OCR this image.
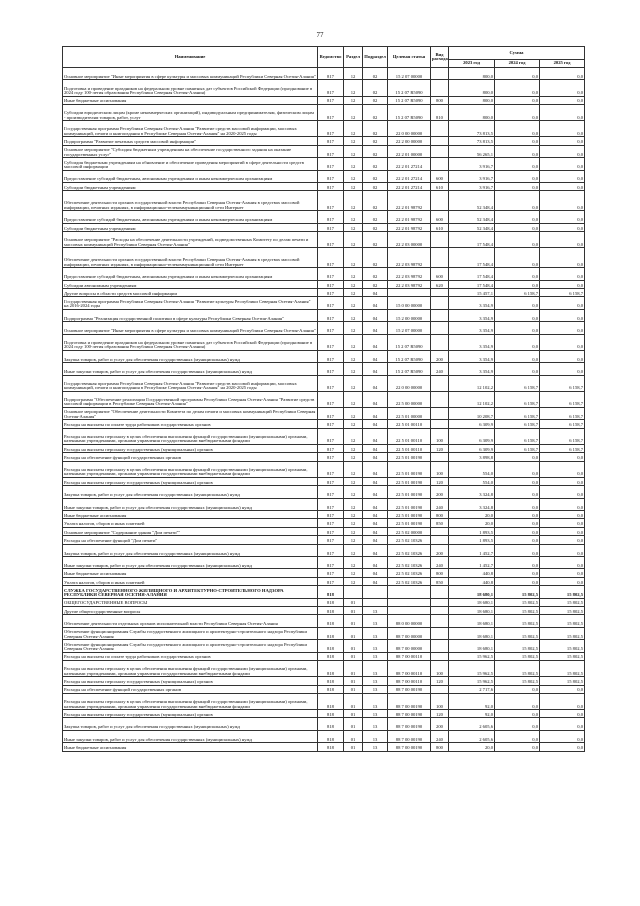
77
Наименование	Ведомство	Раздел	Подраздел	Целевая статья	Вид расхода	Сумма		
						2023 год	2024 год	2025 год
Основное мероприятие "Иные мероприятия в сфере культуры и массовых коммуникаций Республики Северная Осетия-Алания"	817	12	02	15 2 07 00000		800,0	0,0	0,0
Подготовка и проведение праздников на федеральном уровне памятных дат субъектов Российской Федерации (празднование в 2024 году 100-летия образования Республики Северная Осетия-Алания)	817	12	02	15 2 07 R5090		800,0	0,0	0,0
Иные бюджетные ассигнования	817	12	02	15 2 07 R5090	800	800,0	0,0	0,0
Субсидии юридическим лицам (кроме некоммерческих организаций), индивидуальным предпринимателям, физическим лицам - производителям товаров, работ, услуг	817	12	02	15 2 07 R5090	810	800,0	0,0	0,0
Государственная программа Республики Северная Осетия-Алания "Развитие средств массовой информации, массовых коммуникаций, печати и книгоиздания в Республике Северная Осетия-Алания" на 2020-2025 годы	817	12	02	22 0 00 00000		73 813,5	0,0	0,0
Подпрограмма "Развитие печатных средств массовой информации"	817	12	02	22 2 00 00000		73 813,5	0,0	0,0
Основное мероприятие "Субсидия бюджетным учреждениям на обеспечение государственного задания на оказание государственных услуг"	817	12	02	22 2 01 00000		56 265,1	0,0	0,0
Субсидия бюджетным учреждениям на обновление и обеспечение проведения мероприятий в сфере деятельности средств массовой информации	817	12	02	22 2 01 27214		3 916,7	0,0	0,0
Предоставление субсидий бюджетным, автономным учреждениям и иным некоммерческим организациям	817	12	02	22 2 01 27214	600	3 916,7	0,0	0,0
Субсидии бюджетным учреждениям	817	12	02	22 2 01 27214	610	3 916,7	0,0	0,0
Обеспечение деятельности органов государственной власти Республики Северная Осетия-Алания в средствах массовой информации, печатных изданиях, в информационно-телекоммуникационной сети Интернет	817	12	02	22 2 01 98792		52 348,4	0,0	0,0
Предоставление субсидий бюджетным, автономным учреждениям и иным некоммерческим организациям	817	12	02	22 2 01 98792	600	52 348,4	0,0	0,0
Субсидии бюджетным учреждениям	817	12	02	22 2 01 98792	610	52 348,4	0,0	0,0
Основное мероприятие "Расходы на обеспечение деятельности учреждений, подведомственных Комитету по делам печати и массовых коммуникаций Республики Северная Осетия-Алания"	817	12	02	22 2 03 00000		17 548,4	0,0	0,0
Обеспечение деятельности органов государственной власти Республики Северная Осетия-Алания в средствах массовой информации, печатных изданиях, в информационно-телекоммуникационной сети Интернет	817	12	02	22 2 03 98792		17 548,4	0,0	0,0
Предоставление субсидий бюджетным, автономным учреждениям и иным некоммерческим организациям	817	12	02	22 2 03 98792	600	17 548,4	0,0	0,0
Субсидии автономным учреждениям	817	12	02	22 2 03 98792	620	17 548,4	0,0	0,0
Другие вопросы в области средств массовой информации	817	12	04			15 457,1	6 158,7	6 158,7
Государственная программа Республики Северная Осетия-Алания "Развитие культуры Республики Северная Осетия-Алания" на 2016-2024 годы	817	12	04	15 0 00 00000		3 354,9	0,0	0,0
Подпрограмма "Реализация государственной политики в сфере культуры Республики Северная Осетия-Алания"	817	12	04	15 2 00 00000		3 354,9	0,0	0,0
Основное мероприятие "Иные мероприятия в сфере культуры и массовых коммуникаций Республики Северная Осетия-Алания"	817	12	04	15 2 07 00000		3 354,9	0,0	0,0
Подготовка и проведение праздников на федеральном уровне памятных дат субъектов Российской Федерации (празднование в 2024 году 100-летия образования Республики Северная Осетия-Алания)	817	12	04	15 2 07 R5090		3 354,9	0,0	0,0
Закупка товаров, работ и услуг для обеспечения государственных (муниципальных) нужд	817	12	04	15 2 07 R5090	200	3 354,9	0,0	0,0
Иные закупки товаров, работ и услуг для обеспечения государственных (муниципальных) нужд	817	12	04	15 2 07 R5090	240	3 354,9	0,0	0,0
Государственная программа Республики Северная Осетия-Алания "Развитие средств массовой информации, массовых коммуникаций, печати и книгоиздания в Республике Северная Осетия-Алания" на 2020-2025 годы	817	12	04	22 0 00 00000		12 102,2	6 158,7	6 158,7
Подпрограмма "Обеспечение реализации Государственной программы Республики Северная Осетия-Алания "Развитие средств массовой информации в Республике Северная Осетия-Алания"	817	12	04	22 5 00 00000		12 102,2	6 158,7	6 158,7
Основное мероприятие "Обеспечение деятельности Комитета по делам печати и массовых коммуникаций Республики Северная Осетия-Алания"	817	12	04	22 5 01 00000		10 208,7	6 158,7	6 158,7
Расходы на выплаты по оплате труда работников государственных органов	817	12	04	22 5 01 00110		6 309,9	6 158,7	6 158,7
Расходы на выплаты персоналу в целях обеспечения выполнения функций государственными (муниципальными) органами, казенными учреждениями, органами управления государственными внебюджетными фондами	817	12	04	22 5 01 00110	100	6 309,9	6 158,7	6 158,7
Расходы на выплаты персоналу государственных (муниципальных) органов	817	12	04	22 5 01 00110	120	6 309,9	6 158,7	6 158,7
Расходы на обеспечение функций государственных органов	817	12	04	22 5 01 00190		3 898,8	0,0	0,0
Расходы на выплаты персоналу в целях обеспечения выполнения функций государственными (муниципальными) органами, казенными учреждениями, органами управления государственными внебюджетными фондами	817	12	04	22 5 01 00190	100	554,0	0,0	0,0
Расходы на выплаты персоналу государственных (муниципальных) органов	817	12	04	22 5 01 00190	120	554,0	0,0	0,0
Закупка товаров, работ и услуг для обеспечения государственных (муниципальных) нужд	817	12	04	22 5 01 00190	200	3 324,8	0,0	0,0
Иные закупки товаров, работ и услуг для обеспечения государственных (муниципальных) нужд	817	12	04	22 5 01 00190	240	3 324,8	0,0	0,0
Иные бюджетные ассигнования	817	12	04	22 5 01 00190	800	20,0	0,0	0,0
Уплата налогов, сборов и иных платежей	817	12	04	22 5 01 00190	850	20,0	0,0	0,0
Основное мероприятие "Содержание здания "Дом печати""	817	12	04	22 5 02 00000		1 893,5	0,0	0,0
Расходы на обеспечение функций "Дом печати"	817	12	04	22 5 02 10326		1 893,5	0,0	0,0
Закупка товаров, работ и услуг для обеспечения государственных (муниципальных) нужд	817	12	04	22 5 02 10326	200	1 452,7	0,0	0,0
Иные закупки товаров, работ и услуг для обеспечения государственных (муниципальных) нужд	817	12	04	22 5 02 10326	240	1 452,7	0,0	0,0
Иные бюджетные ассигнования	817	12	04	22 5 02 10326	800	440,8	0,0	0,0
Уплата налогов, сборов и иных платежей	817	12	04	22 5 02 10326	850	440,8	0,0	0,0
СЛУЖБА ГОСУДАРСТВЕННОГО ЖИЛИЩНОГО И АРХИТЕКТУРНО-СТРОИТЕЛЬНОГО НАДЗОРА РЕСПУБЛИКИ СЕВЕРНАЯ ОСЕТИЯ-АЛАНИЯ	818					18 680,1	15 802,5	15 802,5
ОБЩЕГОСУДАРСТВЕННЫЕ ВОПРОСЫ	818	01				18 680,1	15 802,5	15 802,5
Другие общегосударственные вопросы	818	01	13			18 680,1	15 802,5	15 802,5
Обеспечение деятельности отдельных органов исполнительной власти Республики Северная Осетия-Алания	818	01	13	88 0 00 00000		18 680,1	15 802,5	15 802,5
Обеспечение функционирования Службы государственного жилищного и архитектурно-строительного надзора Республики Северная Осетия-Алания	818	01	13	88 7 00 00000		18 680,1	15 802,5	15 802,5
Обеспечение функционирования Службы государственного жилищного и архитектурно-строительного надзора Республики Северная Осетия-Алания	818	01	13	88 7 00 00000		18 680,1	15 802,5	15 802,5
Расходы на выплаты по оплате труда работников государственных органов	818	01	13	88 7 00 00110		15 962,5	15 802,5	15 802,5
Расходы на выплаты персоналу в целях обеспечения выполнения функций государственными (муниципальными) органами, казенными учреждениями, органами управления государственными внебюджетными фондами	818	01	13	88 7 00 00110	100	15 962,5	15 802,5	15 802,5
Расходы на выплаты персоналу государственных (муниципальных) органов	818	01	13	88 7 00 00110	120	15 962,5	15 802,5	15 802,5
Расходы на обеспечение функций государственных органов	818	01	13	88 7 00 00190		2 717,6	0,0	0,0
Расходы на выплаты персоналу в целях обеспечения выполнения функций государственными (муниципальными) органами, казенными учреждениями, органами управления государственными внебюджетными фондами	818	01	13	88 7 00 00190	100	92,0	0,0	0,0
Расходы на выплаты персоналу государственных (муниципальных) органов	818	01	13	88 7 00 00190	120	92,0	0,0	0,0
Закупка товаров, работ и услуг для обеспечения государственных (муниципальных) нужд	818	01	13	88 7 00 00190	200	2 605,6	0,0	0,0
Иные закупки товаров, работ и услуг для обеспечения государственных (муниципальных) нужд	818	01	13	88 7 00 00190	240	2 605,6	0,0	0,0
Иные бюджетные ассигнования	818	01	13	88 7 00 00190	800	20,0	0,0	0,0
